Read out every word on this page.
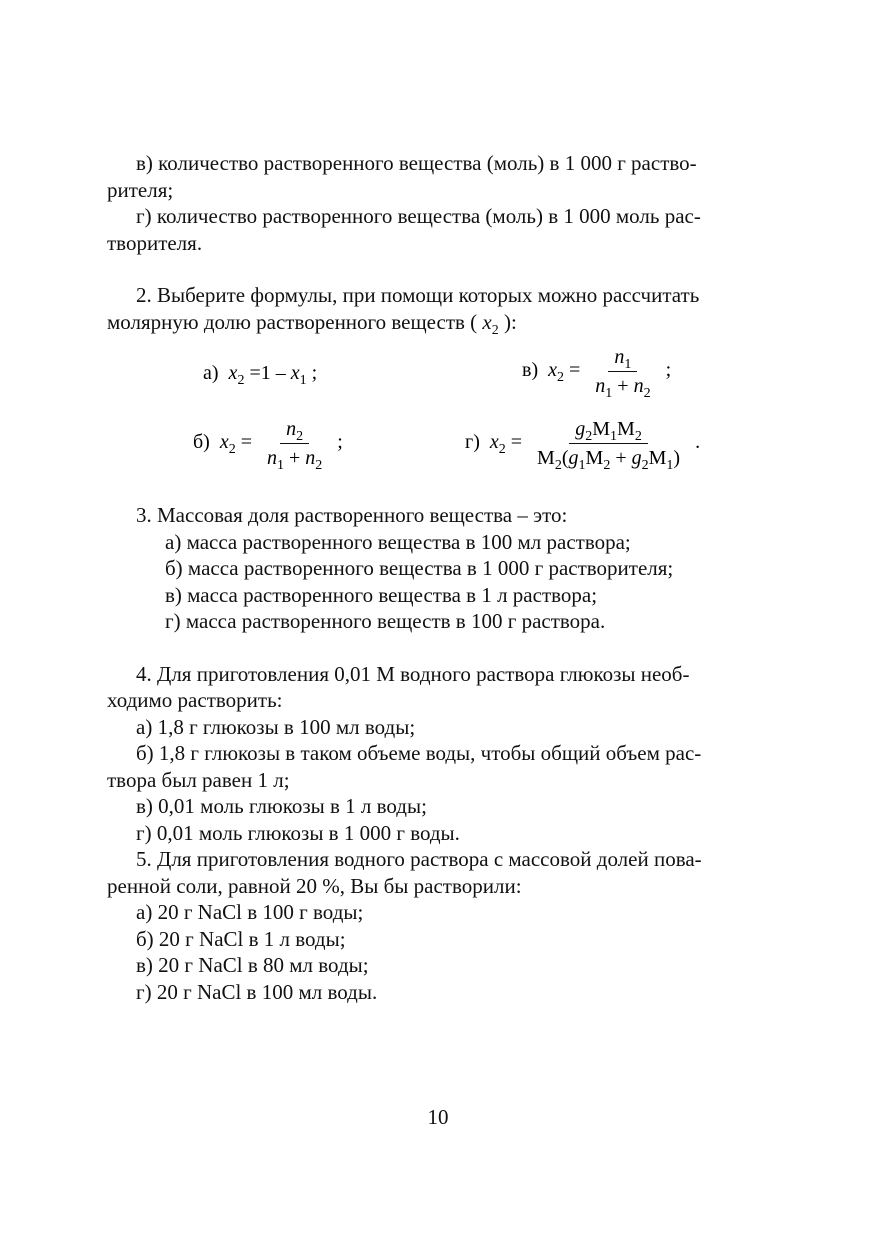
в) количество растворенного вещества (моль) в 1 000 г раство-

рителя;

г) количество растворенного вещества (моль) в 1 000 моль рас-

творителя.

2. Выберите формулы, при помощи которых можно рассчитать

молярную долю растворенного веществ ( $x_2$ ):

а) $x_2 =1 - x_1$ ;	в) $x_2 = \frac{n_1}{n_1 + n_2}$ ;
б) $x_2 = \frac{n_2}{n_1 + n_2}$ ;	г) $x_2 = \frac{g_2M_1M_2}{M_2(g_1M_2 + g_2M_1)}$ .

3. Массовая доля растворенного вещества – это:

а) масса растворенного вещества в 100 мл раствора;

б) масса растворенного вещества в 1 000 г растворителя;

в) масса растворенного вещества в 1 л раствора;

г) масса растворенного веществ в 100 г раствора.

4. Для приготовления 0,01 М водного раствора глюкозы необ-

ходимо растворить:

а) 1,8 г глюкозы в 100 мл воды;

б) 1,8 г глюкозы в таком объеме воды, чтобы общий объем рас-

твора был равен 1 л;

в) 0,01 моль глюкозы в 1 л воды;

г) 0,01 моль глюкозы в 1 000 г воды.

5. Для приготовления водного раствора с массовой долей пова-

ренной соли, равной 20 %, Вы бы растворили:

а) 20 г NaCl в 100 г воды;

б) 20 г NaCl в 1 л воды;

в) 20 г NaCl в 80 мл воды;

г) 20 г NaCl в 100 мл воды.

10
